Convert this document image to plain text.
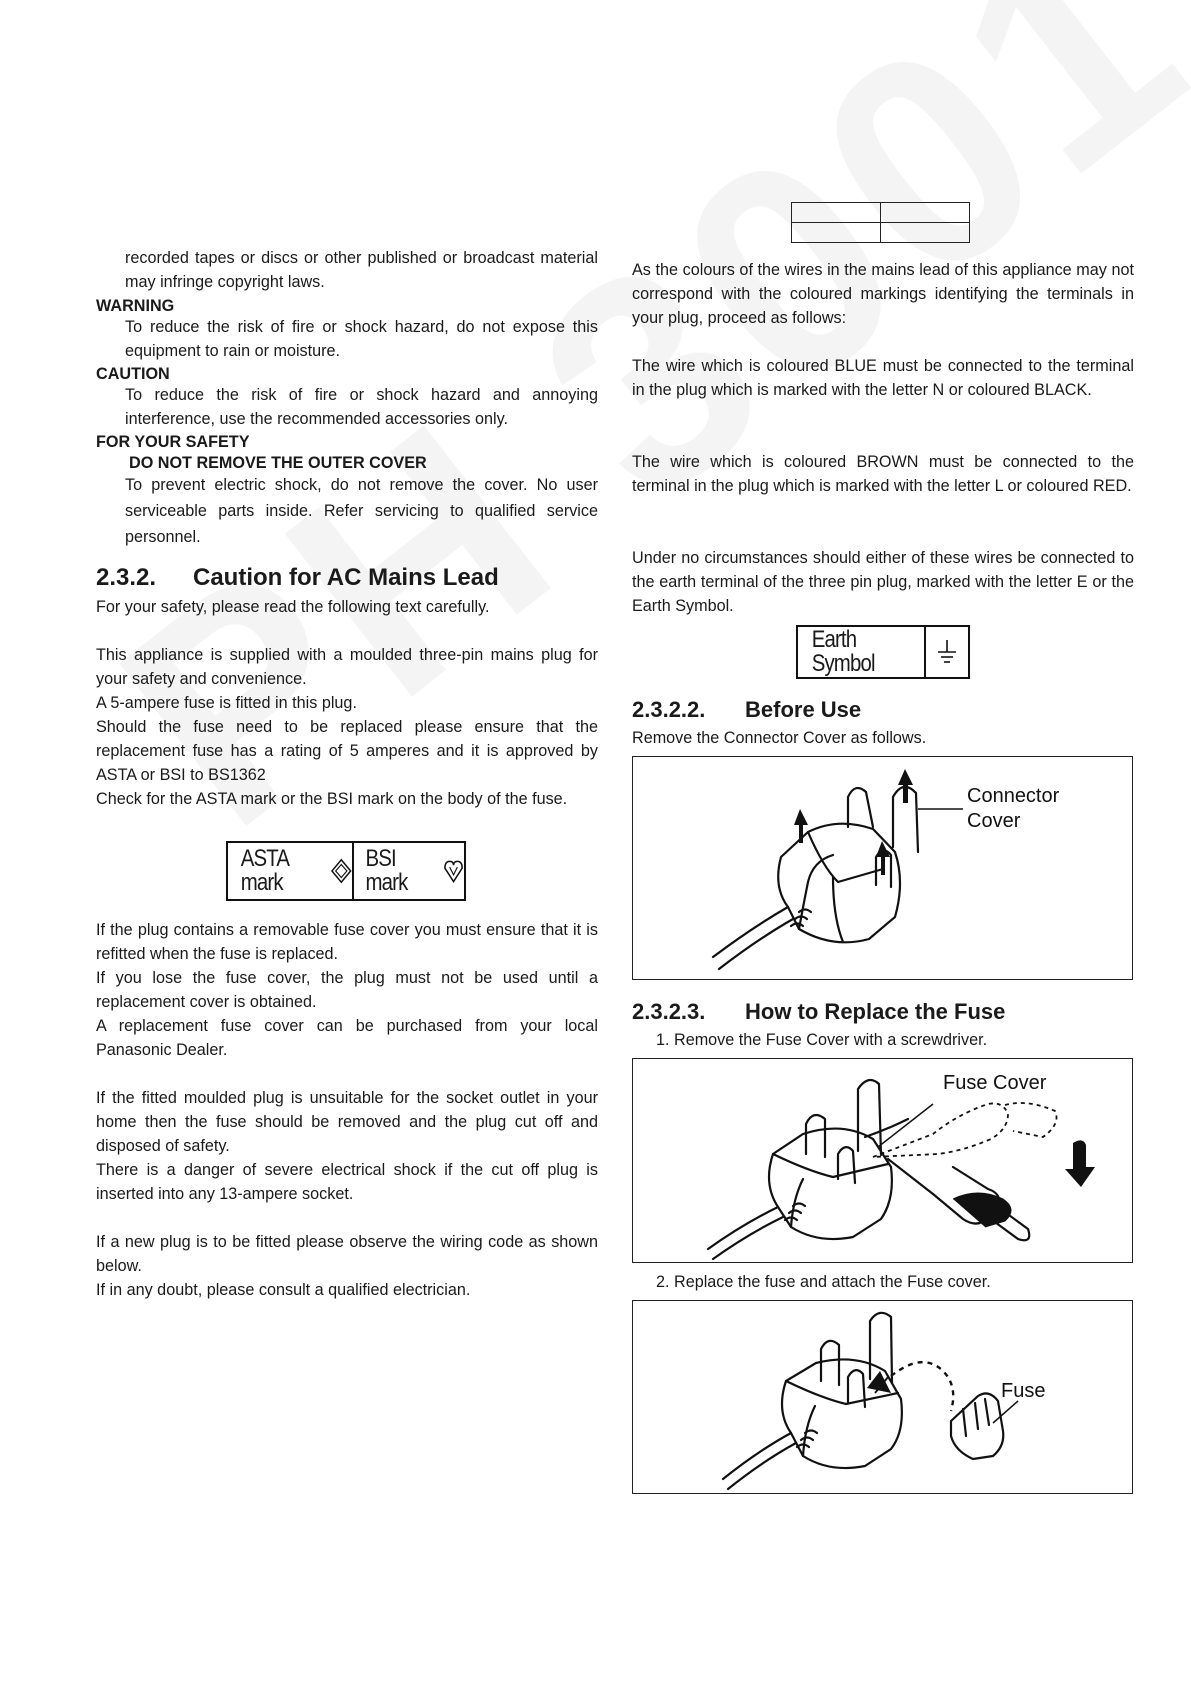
recorded tapes or discs or other published or broadcast material may infringe copyright laws.
WARNING
To reduce the risk of fire or shock hazard, do not expose this equipment to rain or moisture.
CAUTION
To reduce the risk of fire or shock hazard and annoying interference, use the recommended accessories only.
FOR YOUR SAFETY
DO NOT REMOVE THE OUTER COVER
To prevent electric shock, do not remove the cover. No user serviceable parts inside. Refer servicing to qualified service personnel.
2.3.2. Caution for AC Mains Lead
For your safety, please read the following text carefully.
This appliance is supplied with a moulded three-pin mains plug for your safety and convenience.
A 5-ampere fuse is fitted in this plug.
Should the fuse need to be replaced please ensure that the replacement fuse has a rating of 5 amperes and it is approved by ASTA or BSI to BS1362
Check for the ASTA mark or the BSI mark on the body of the fuse.
ASTA mark
BSI mark
If the plug contains a removable fuse cover you must ensure that it is refitted when the fuse is replaced.
If you lose the fuse cover, the plug must not be used until a replacement cover is obtained.
A replacement fuse cover can be purchased from your local Panasonic Dealer.
If the fitted moulded plug is unsuitable for the socket outlet in your home then the fuse should be removed and the plug cut off and disposed of safety.
There is a danger of severe electrical shock if the cut off plug is inserted into any 13-ampere socket.
If a new plug is to be fitted please observe the wiring code as shown below.
If in any doubt, please consult a qualified electrician.

As the colours of the wires in the mains lead of this appliance may not correspond with the coloured markings identifying the terminals in your plug, proceed as follows:
The wire which is coloured BLUE must be connected to the terminal in the plug which is marked with the letter N or coloured BLACK.
The wire which is coloured BROWN must be connected to the terminal in the plug which is marked with the letter L or coloured RED.
Under no circumstances should either of these wires be connected to the earth terminal of the three pin plug, marked with the letter E or the Earth Symbol.
Earth Symbol
2.3.2.2. Before Use
Remove the Connector Cover as follows.
Connector
Cover
2.3.2.3. How to Replace the Fuse
1. Remove the Fuse Cover with a screwdriver.
Fuse Cover
2. Replace the fuse and attach the Fuse cover.
Fuse
